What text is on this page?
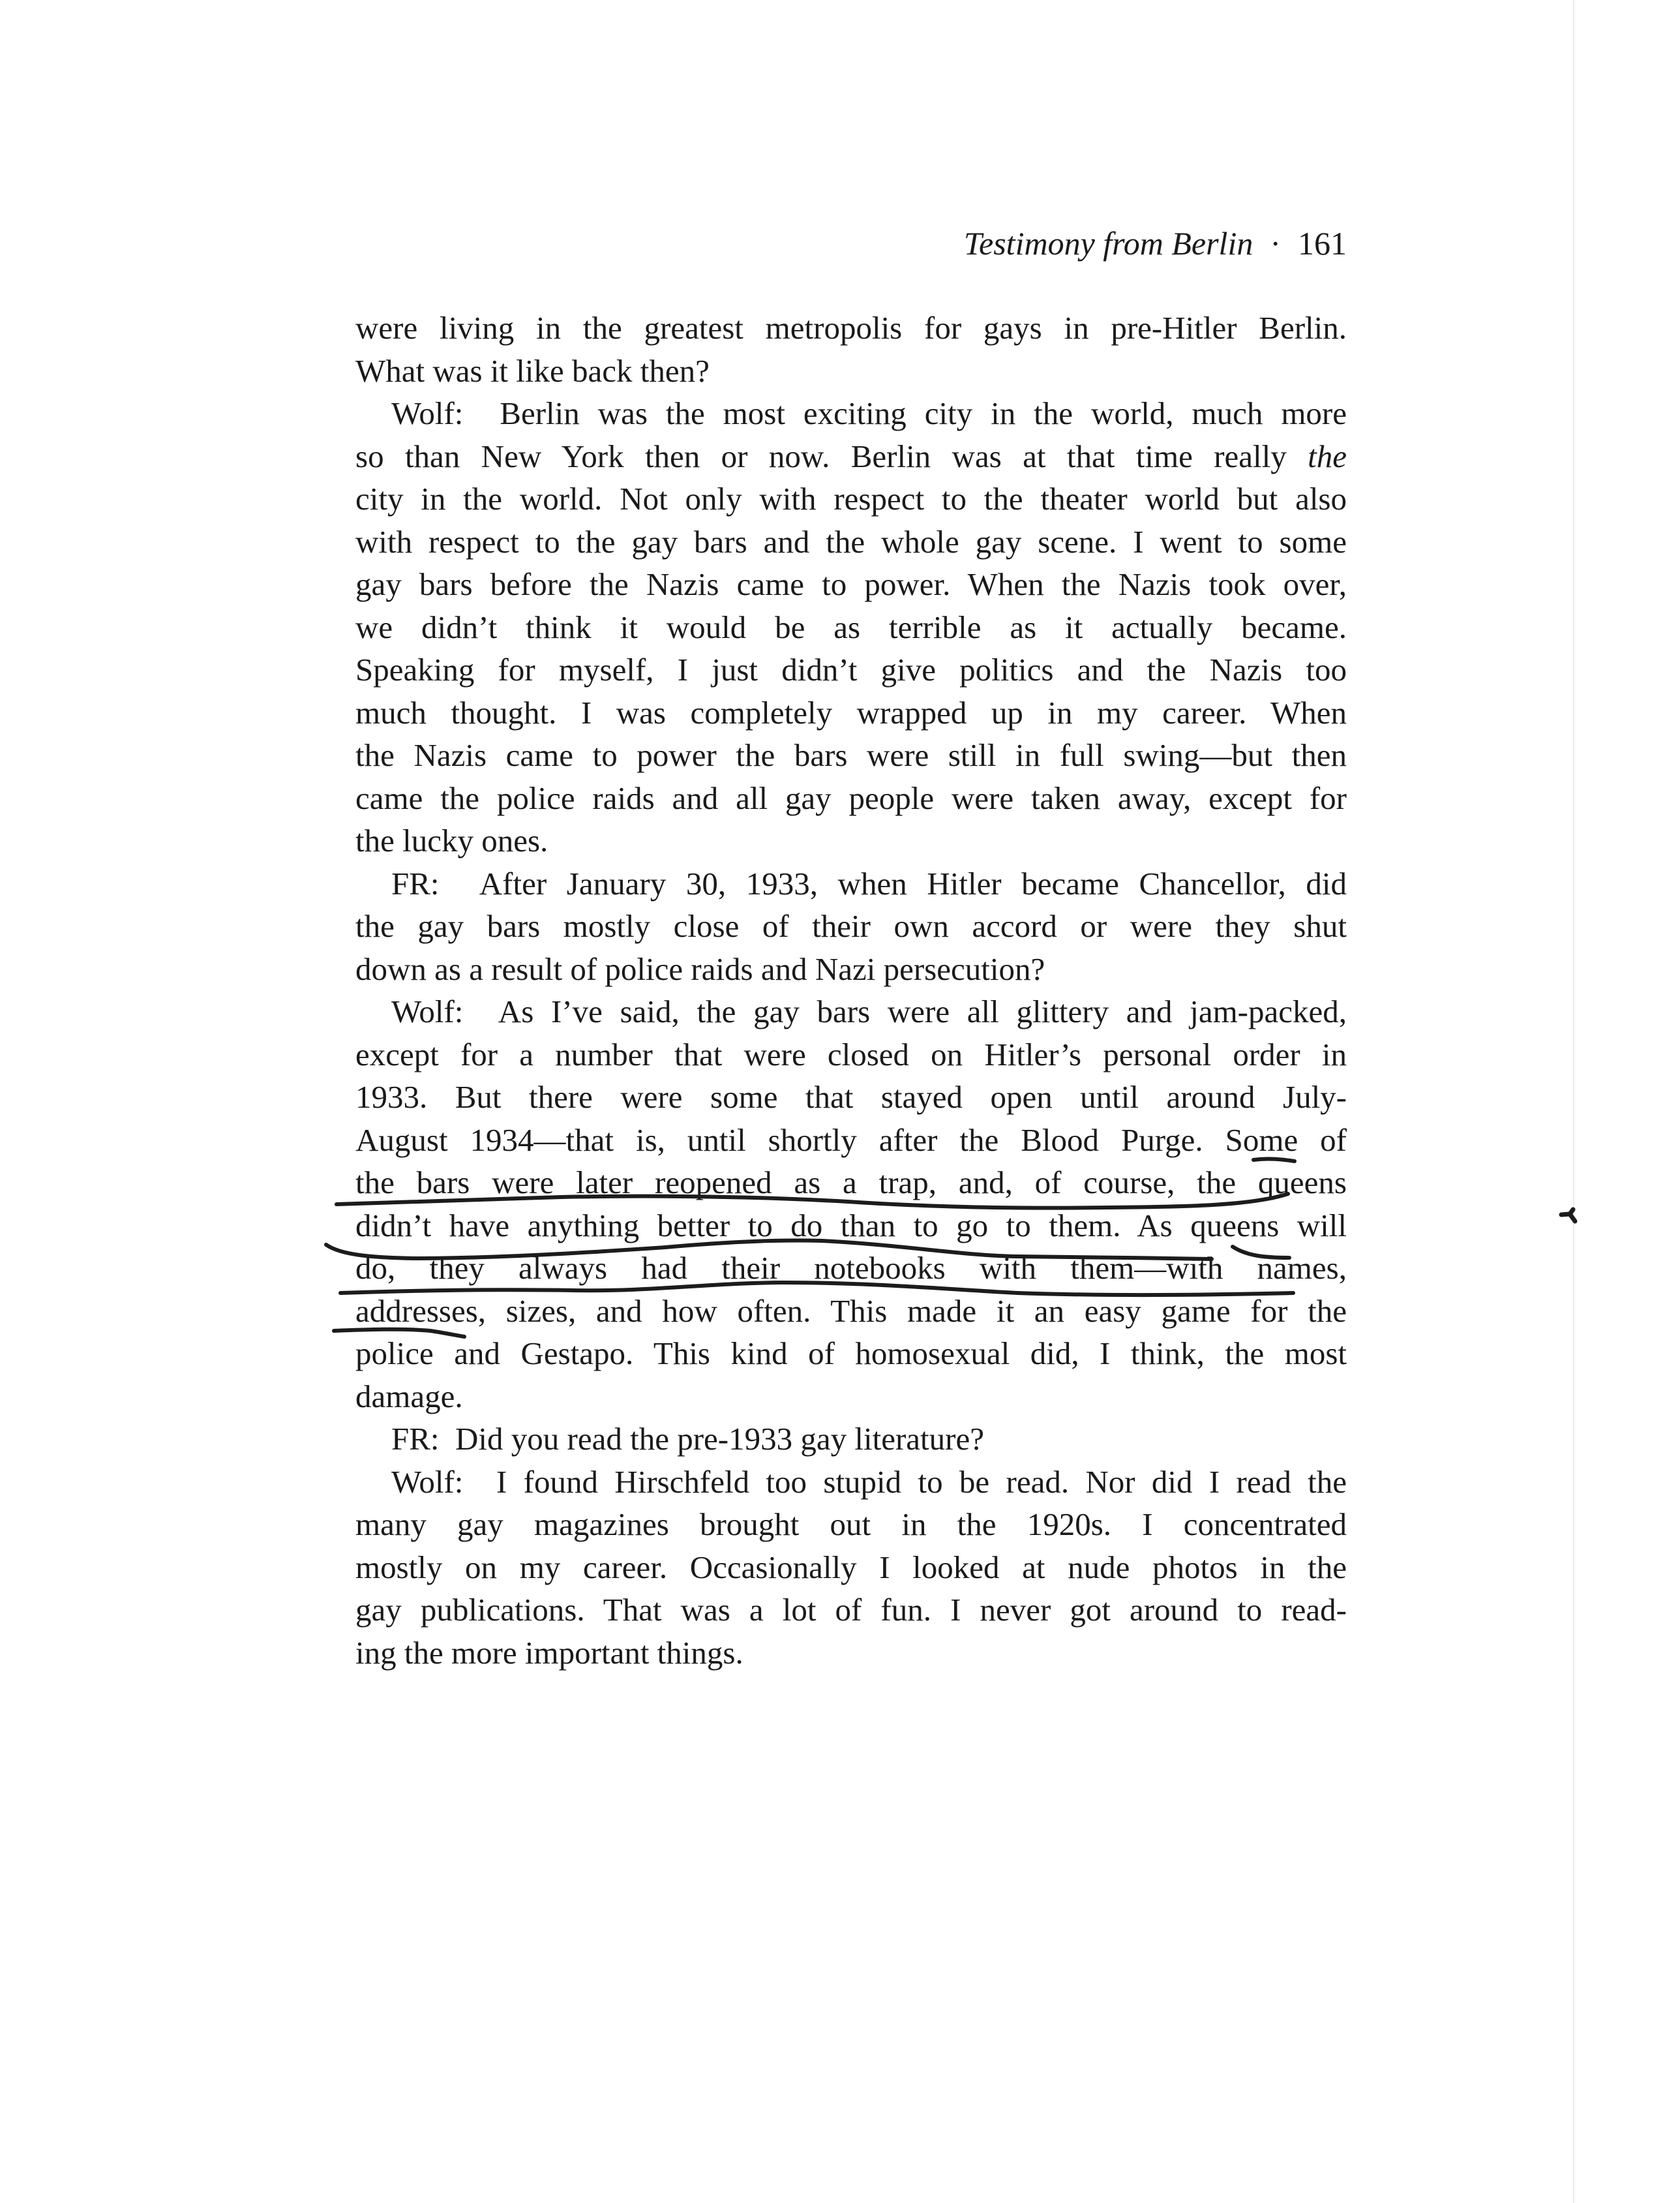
Testimony from Berlin · 161
were living in the greatest metropolis for gays in pre-Hitler Berlin.
What was it like back then?
Wolf:  Berlin was the most exciting city in the world, much more
so than New York then or now. Berlin was at that time really the
city in the world. Not only with respect to the theater world but also
with respect to the gay bars and the whole gay scene. I went to some
gay bars before the Nazis came to power. When the Nazis took over,
we didn’t think it would be as terrible as it actually became.
Speaking for myself, I just didn’t give politics and the Nazis too
much thought. I was completely wrapped up in my career. When
the Nazis came to power the bars were still in full swing—but then
came the police raids and all gay people were taken away, except for
the lucky ones.
FR:  After January 30, 1933, when Hitler became Chancellor, did
the gay bars mostly close of their own accord or were they shut
down as a result of police raids and Nazi persecution?
Wolf:  As I’ve said, the gay bars were all glittery and jam-packed,
except for a number that were closed on Hitler’s personal order in
1933. But there were some that stayed open until around July-
August 1934—that is, until shortly after the Blood Purge. Some of
the bars were later reopened as a trap, and, of course, the queens
didn’t have anything better to do than to go to them. As queens will
do, they always had their notebooks with them—with names,
addresses, sizes, and how often. This made it an easy game for the
police and Gestapo. This kind of homosexual did, I think, the most
damage.
FR:  Did you read the pre-1933 gay literature?
Wolf:  I found Hirschfeld too stupid to be read. Nor did I read the
many gay magazines brought out in the 1920s. I concentrated
mostly on my career. Occasionally I looked at nude photos in the
gay publications. That was a lot of fun. I never got around to read-
ing the more important things.
